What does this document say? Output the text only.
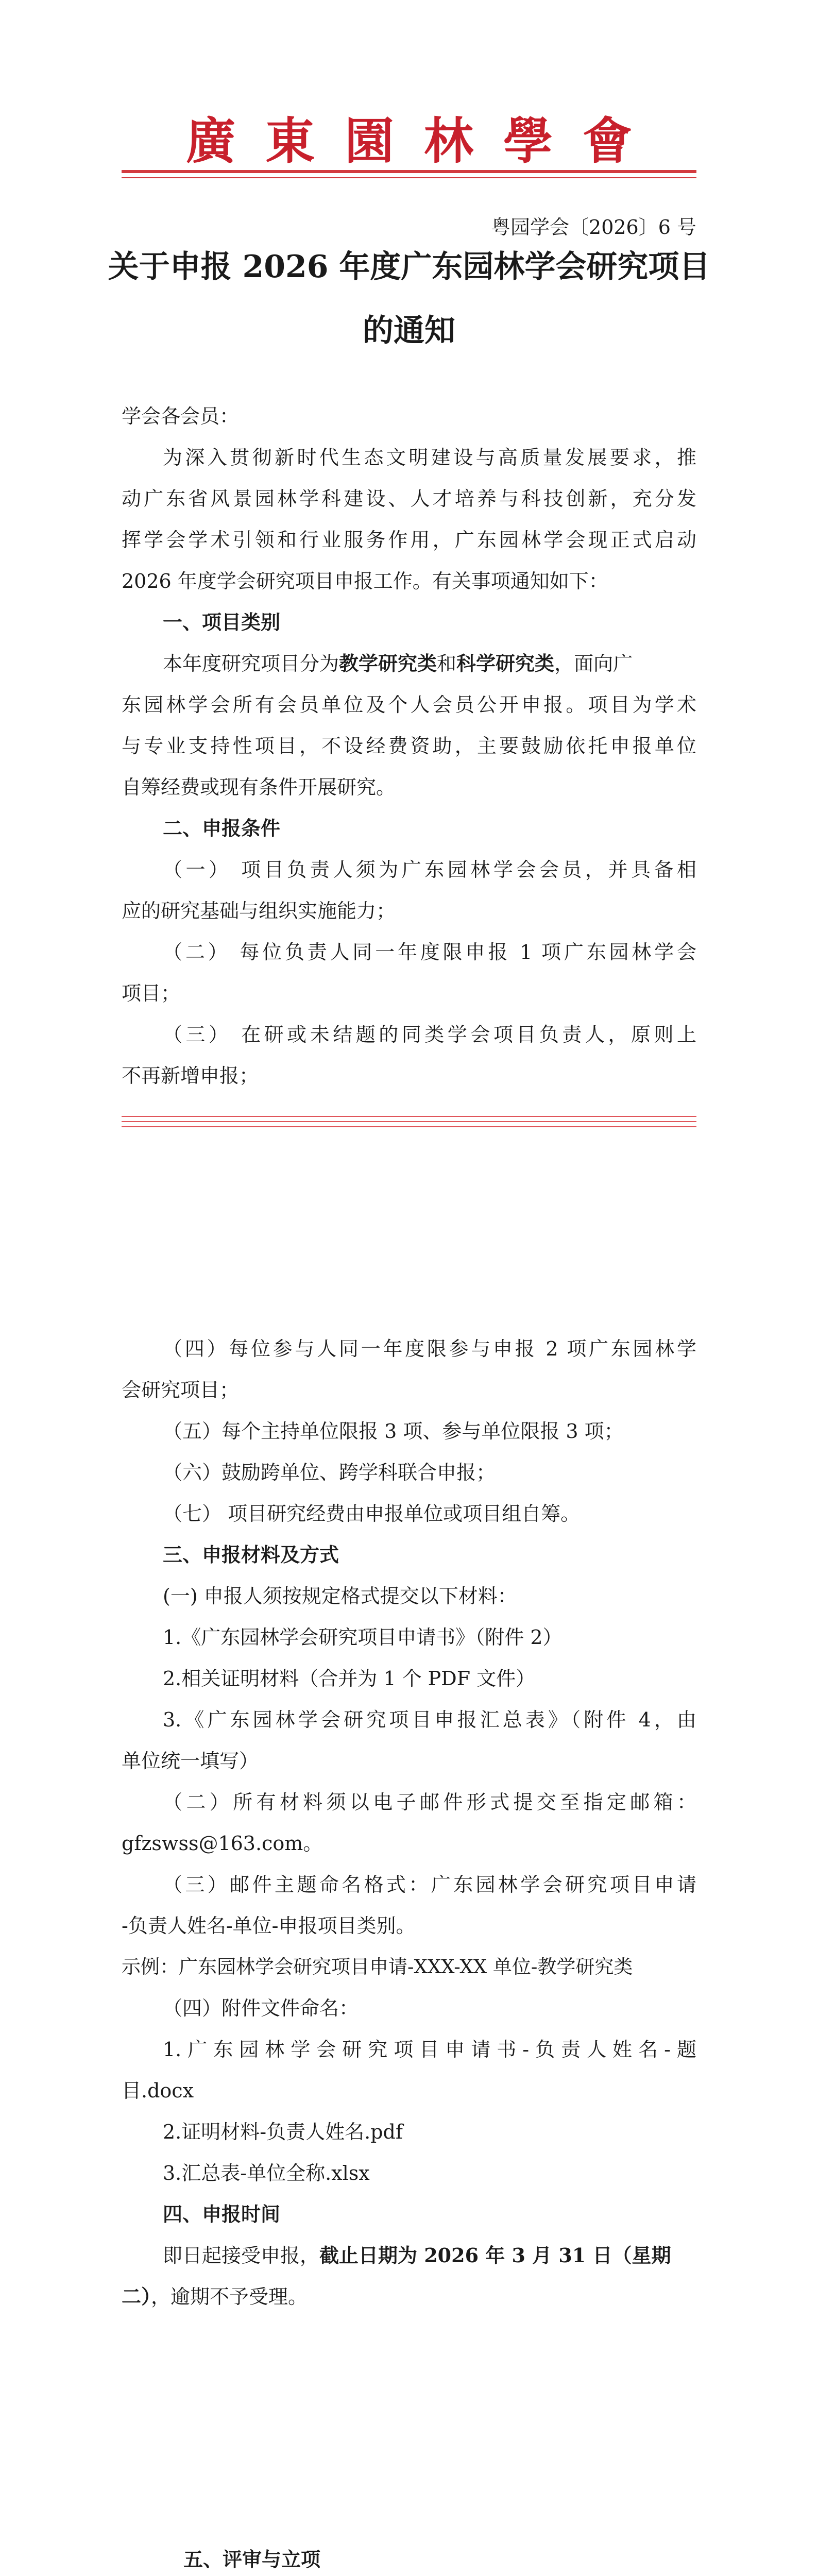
廣東園林學會
粤园学会〔2026〕6 号
关于申报 2026 年度广东园林学会研究项目
的通知
学会各会员：
为深入贯彻新时代生态文明建设与高质量发展要求，推
动广东省风景园林学科建设、人才培养与科技创新，充分发
挥学会学术引领和行业服务作用，广东园林学会现正式启动
2026 年度学会研究项目申报工作。有关事项通知如下：
一、项目类别
本年度研究项目分为教学研究类和科学研究类，面向广
东园林学会所有会员单位及个人会员公开申报。项目为学术
与专业支持性项目，不设经费资助，主要鼓励依托申报单位
自筹经费或现有条件开展研究。
二、申报条件
（一） 项目负责人须为广东园林学会会员，并具备相
应的研究基础与组织实施能力；
（二） 每位负责人同一年度限申报 1 项广东园林学会
项目；
（三） 在研或未结题的同类学会项目负责人，原则上
不再新增申报；
（四）每位参与人同一年度限参与申报 2 项广东园林学
会研究项目；
（五）每个主持单位限报 3 项、参与单位限报 3 项；
（六）鼓励跨单位、跨学科联合申报；
（七） 项目研究经费由申报单位或项目组自筹。
三、申报材料及方式
(一) 申报人须按规定格式提交以下材料：
1.《广东园林学会研究项目申请书》（附件 2）
2.相关证明材料（合并为 1 个 PDF 文件）
3.《广东园林学会研究项目申报汇总表》（附件 4，由
单位统一填写）
（二）所有材料须以电子邮件形式提交至指定邮箱：
gfzswss@163.com。
（三）邮件主题命名格式：广东园林学会研究项目申请
-负责人姓名-单位-申报项目类别。
示例：广东园林学会研究项目申请-XXX-XX 单位-教学研究类
（四）附件文件命名：
1.广东园林学会研究项目申请书-负责人姓名-题
目.docx
2.证明材料-负责人姓名.pdf
3.汇总表-单位全称.xlsx
四、申报时间
即日起接受申报，截止日期为 2026 年 3 月 31 日（星期
二），逾期不予受理。
五、评审与立项
